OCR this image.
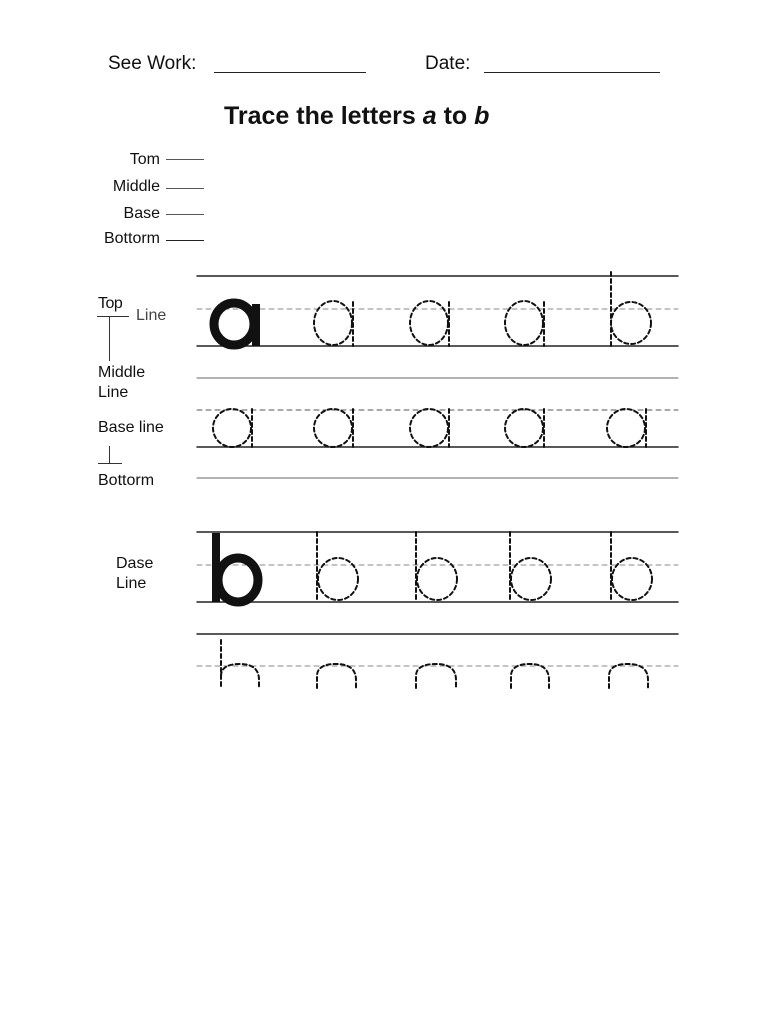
See Work:	Date:
Trace the letters a to b
Tom
Middle
Base
Bottorm
Top
Line
Middle
Line
Base line
Bottorm
Dase
Line
